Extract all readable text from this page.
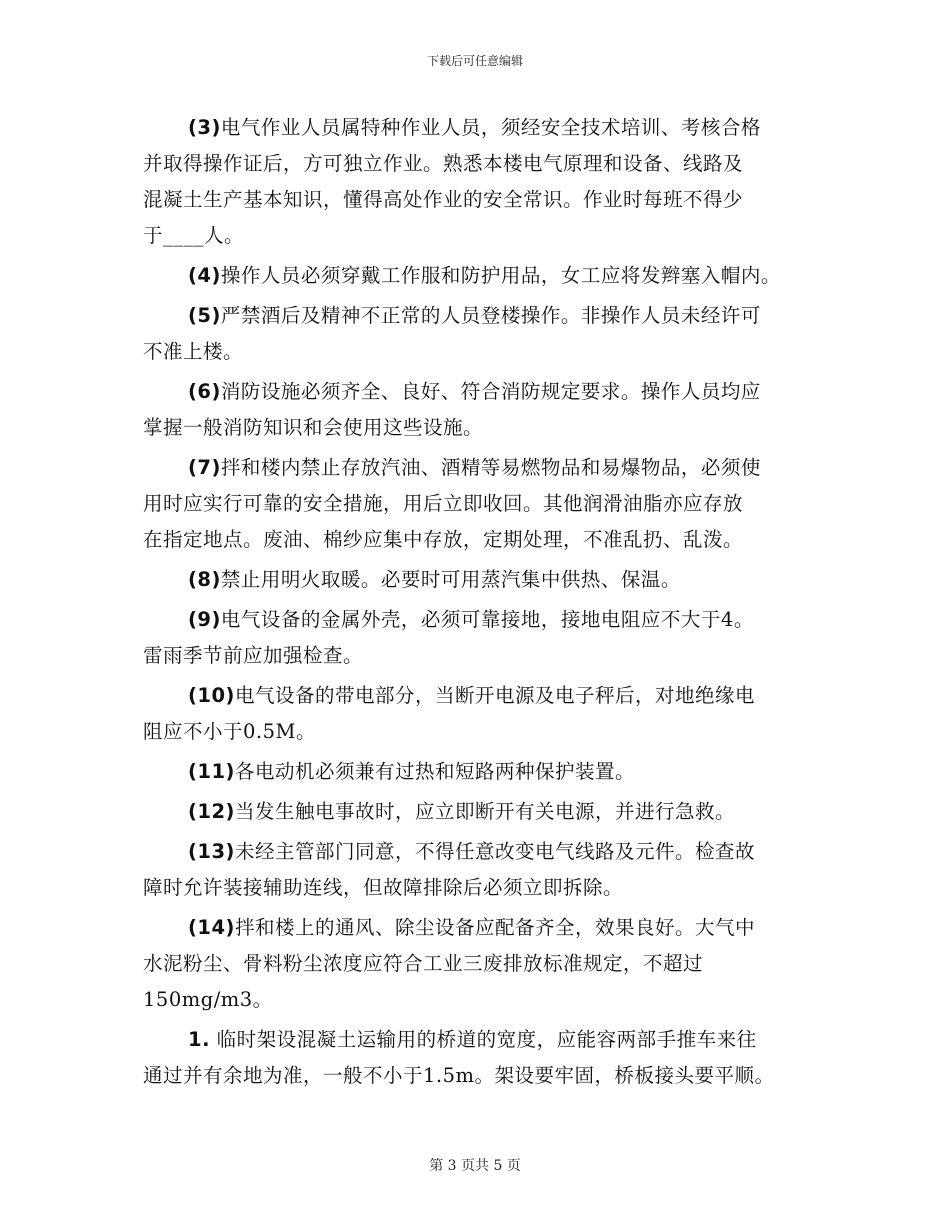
下载后可任意编辑
(3)电气作业人员属特种作业人员，须经安全技术培训、考核合格
并取得操作证后，方可独立作业。熟悉本楼电气原理和设备、线路及
混凝土生产基本知识，懂得高处作业的安全常识。作业时每班不得少
于____人。
(4)操作人员必须穿戴工作服和防护用品，女工应将发辫塞入帽内。
(5)严禁酒后及精神不正常的人员登楼操作。非操作人员未经许可
不准上楼。
(6)消防设施必须齐全、良好、符合消防规定要求。操作人员均应
掌握一般消防知识和会使用这些设施。
(7)拌和楼内禁止存放汽油、酒精等易燃物品和易爆物品，必须使
用时应实行可靠的安全措施，用后立即收回。其他润滑油脂亦应存放
在指定地点。废油、棉纱应集中存放，定期处理，不准乱扔、乱泼。
(8)禁止用明火取暖。必要时可用蒸汽集中供热、保温。
(9)电气设备的金属外壳，必须可靠接地，接地电阻应不大于4。
雷雨季节前应加强检查。
(10)电气设备的带电部分，当断开电源及电子秤后，对地绝缘电
阻应不小于0.5M。
(11)各电动机必须兼有过热和短路两种保护装置。
(12)当发生触电事故时，应立即断开有关电源，并进行急救。
(13)未经主管部门同意，不得任意改变电气线路及元件。检查故
障时允许装接辅助连线，但故障排除后必须立即拆除。
(14)拌和楼上的通风、除尘设备应配备齐全，效果良好。大气中
水泥粉尘、骨料粉尘浓度应符合工业三废排放标准规定，不超过
150mg/m3。
1. 临时架设混凝土运输用的桥道的宽度，应能容两部手推车来往
通过并有余地为准，一般不小于1.5m。架设要牢固，桥板接头要平顺。
第 3 页共 5 页
